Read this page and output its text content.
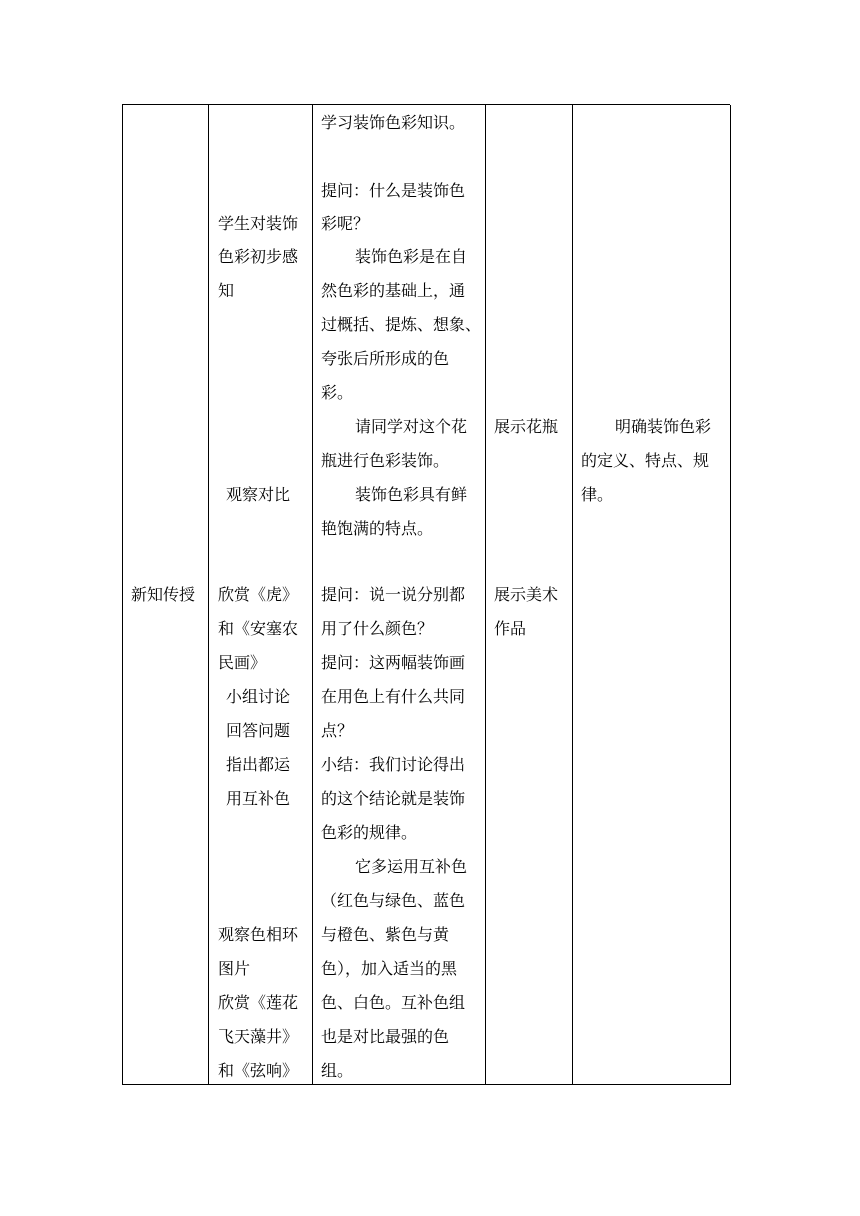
新知传授
学生对装饰
色彩初步感
知
观察对比
欣赏《虎》
和《安塞农
民画》
小组讨论
回答问题
指出都运
用互补色
观察色相环
图片
欣赏《莲花
飞天藻井》
和《弦响》
学习装饰色彩知识。
提问：什么是装饰色
彩呢？
装饰色彩是在自
然色彩的基础上，通
过概括、提炼、想象、
夸张后所形成的色
彩。
请同学对这个花
瓶进行色彩装饰。
装饰色彩具有鲜
艳饱满的特点。
提问：说一说分别都
用了什么颜色？
提问：这两幅装饰画
在用色上有什么共同
点？
小结：我们讨论得出
的这个结论就是装饰
色彩的规律。
它多运用互补色
（红色与绿色、蓝色
与橙色、紫色与黄
色），加入适当的黑
色、白色。互补色组
也是对比最强的色
组。
展示花瓶
展示美术
作品
明确装饰色彩
的定义、特点、规
律。
